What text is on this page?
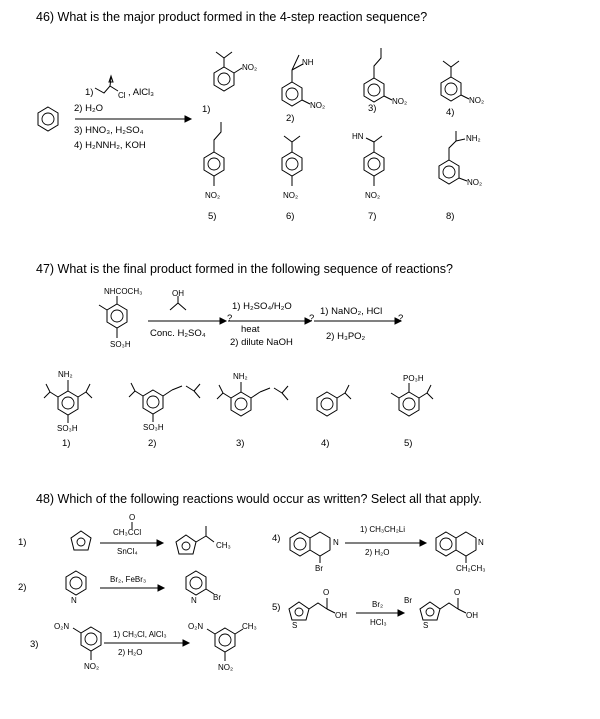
46) What is the major product formed in the 4-step reaction sequence?
1)	Cl , AlCl₃
2) H₂O
3) HNO₃, H₂SO₄
4) H₂NNH₂, KOH
NO₂
NH
NO₂	NO₂	NO₂
HN	NH₂
NO₂	NO₂	NO₂
NO₂
1)
2)
3)	4)
5)	6)	7)	8)
47) What is the final product formed in the following sequence of reactions?
NHCOCH₃
SO₃H
OH
Conc. H₂SO₄
?
1) H₂SO₄/H₂O
heat
2) dilute NaOH
?
1) NaNO₂, HCl
2) H₃PO₂
?
NH₂
SO₃H	SO₃H
NH₂	PO₃H
1)	2)	3)	4)	5)
48) Which of the following reactions would occur as written? Select all that apply.
1)
2)
3)
4)
5)
O
CH₃CCl
SnCl₄
CH₃
Br₂, FeBr₃
N	N Br
1) CH₃Cl, AlCl₃
2) H₂O
O₂N
NO₂
O₂N	CH₃
NO₂
1) CH₃CH₂Li
2) H₂O
N
Br
N
CH₂CH₃
Br₂
HCl₃
S
O
OH
Br
S
O
OH
